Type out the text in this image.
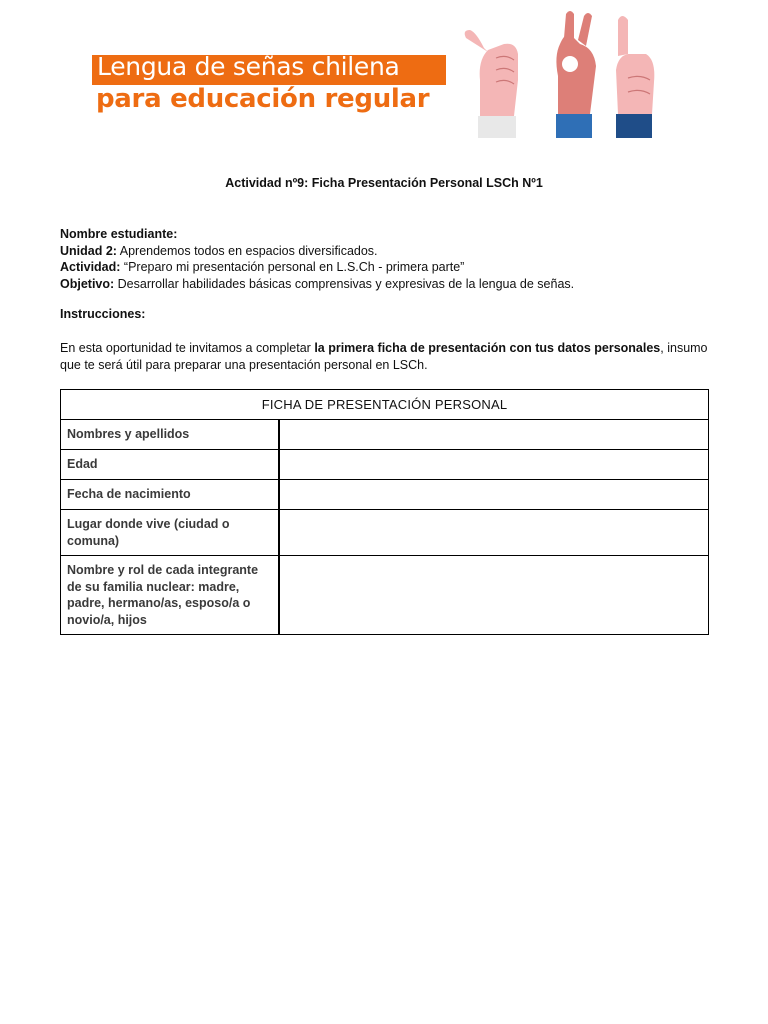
Lengua de señas chilena
para educación regular
Actividad nº9: Ficha Presentación Personal LSCh Nº1
Nombre estudiante:
Unidad 2: Aprendemos todos en espacios diversificados.
Actividad: “Preparo mi presentación personal en L.S.Ch - primera parte”
Objetivo: Desarrollar habilidades básicas comprensivas y expresivas de la lengua de señas.
Instrucciones:
En esta oportunidad te invitamos a completar la primera ficha de presentación con tus datos personales, insumo que te será útil para preparar una presentación personal en LSCh.
FICHA DE PRESENTACIÓN PERSONAL	
Nombres y apellidos	
Edad	
Fecha de nacimiento	
Lugar donde vive (ciudad o comuna)	
Nombre y rol de cada integrante de su familia nuclear: madre, padre, hermano/as, esposo/a o novio/a, hijos	
